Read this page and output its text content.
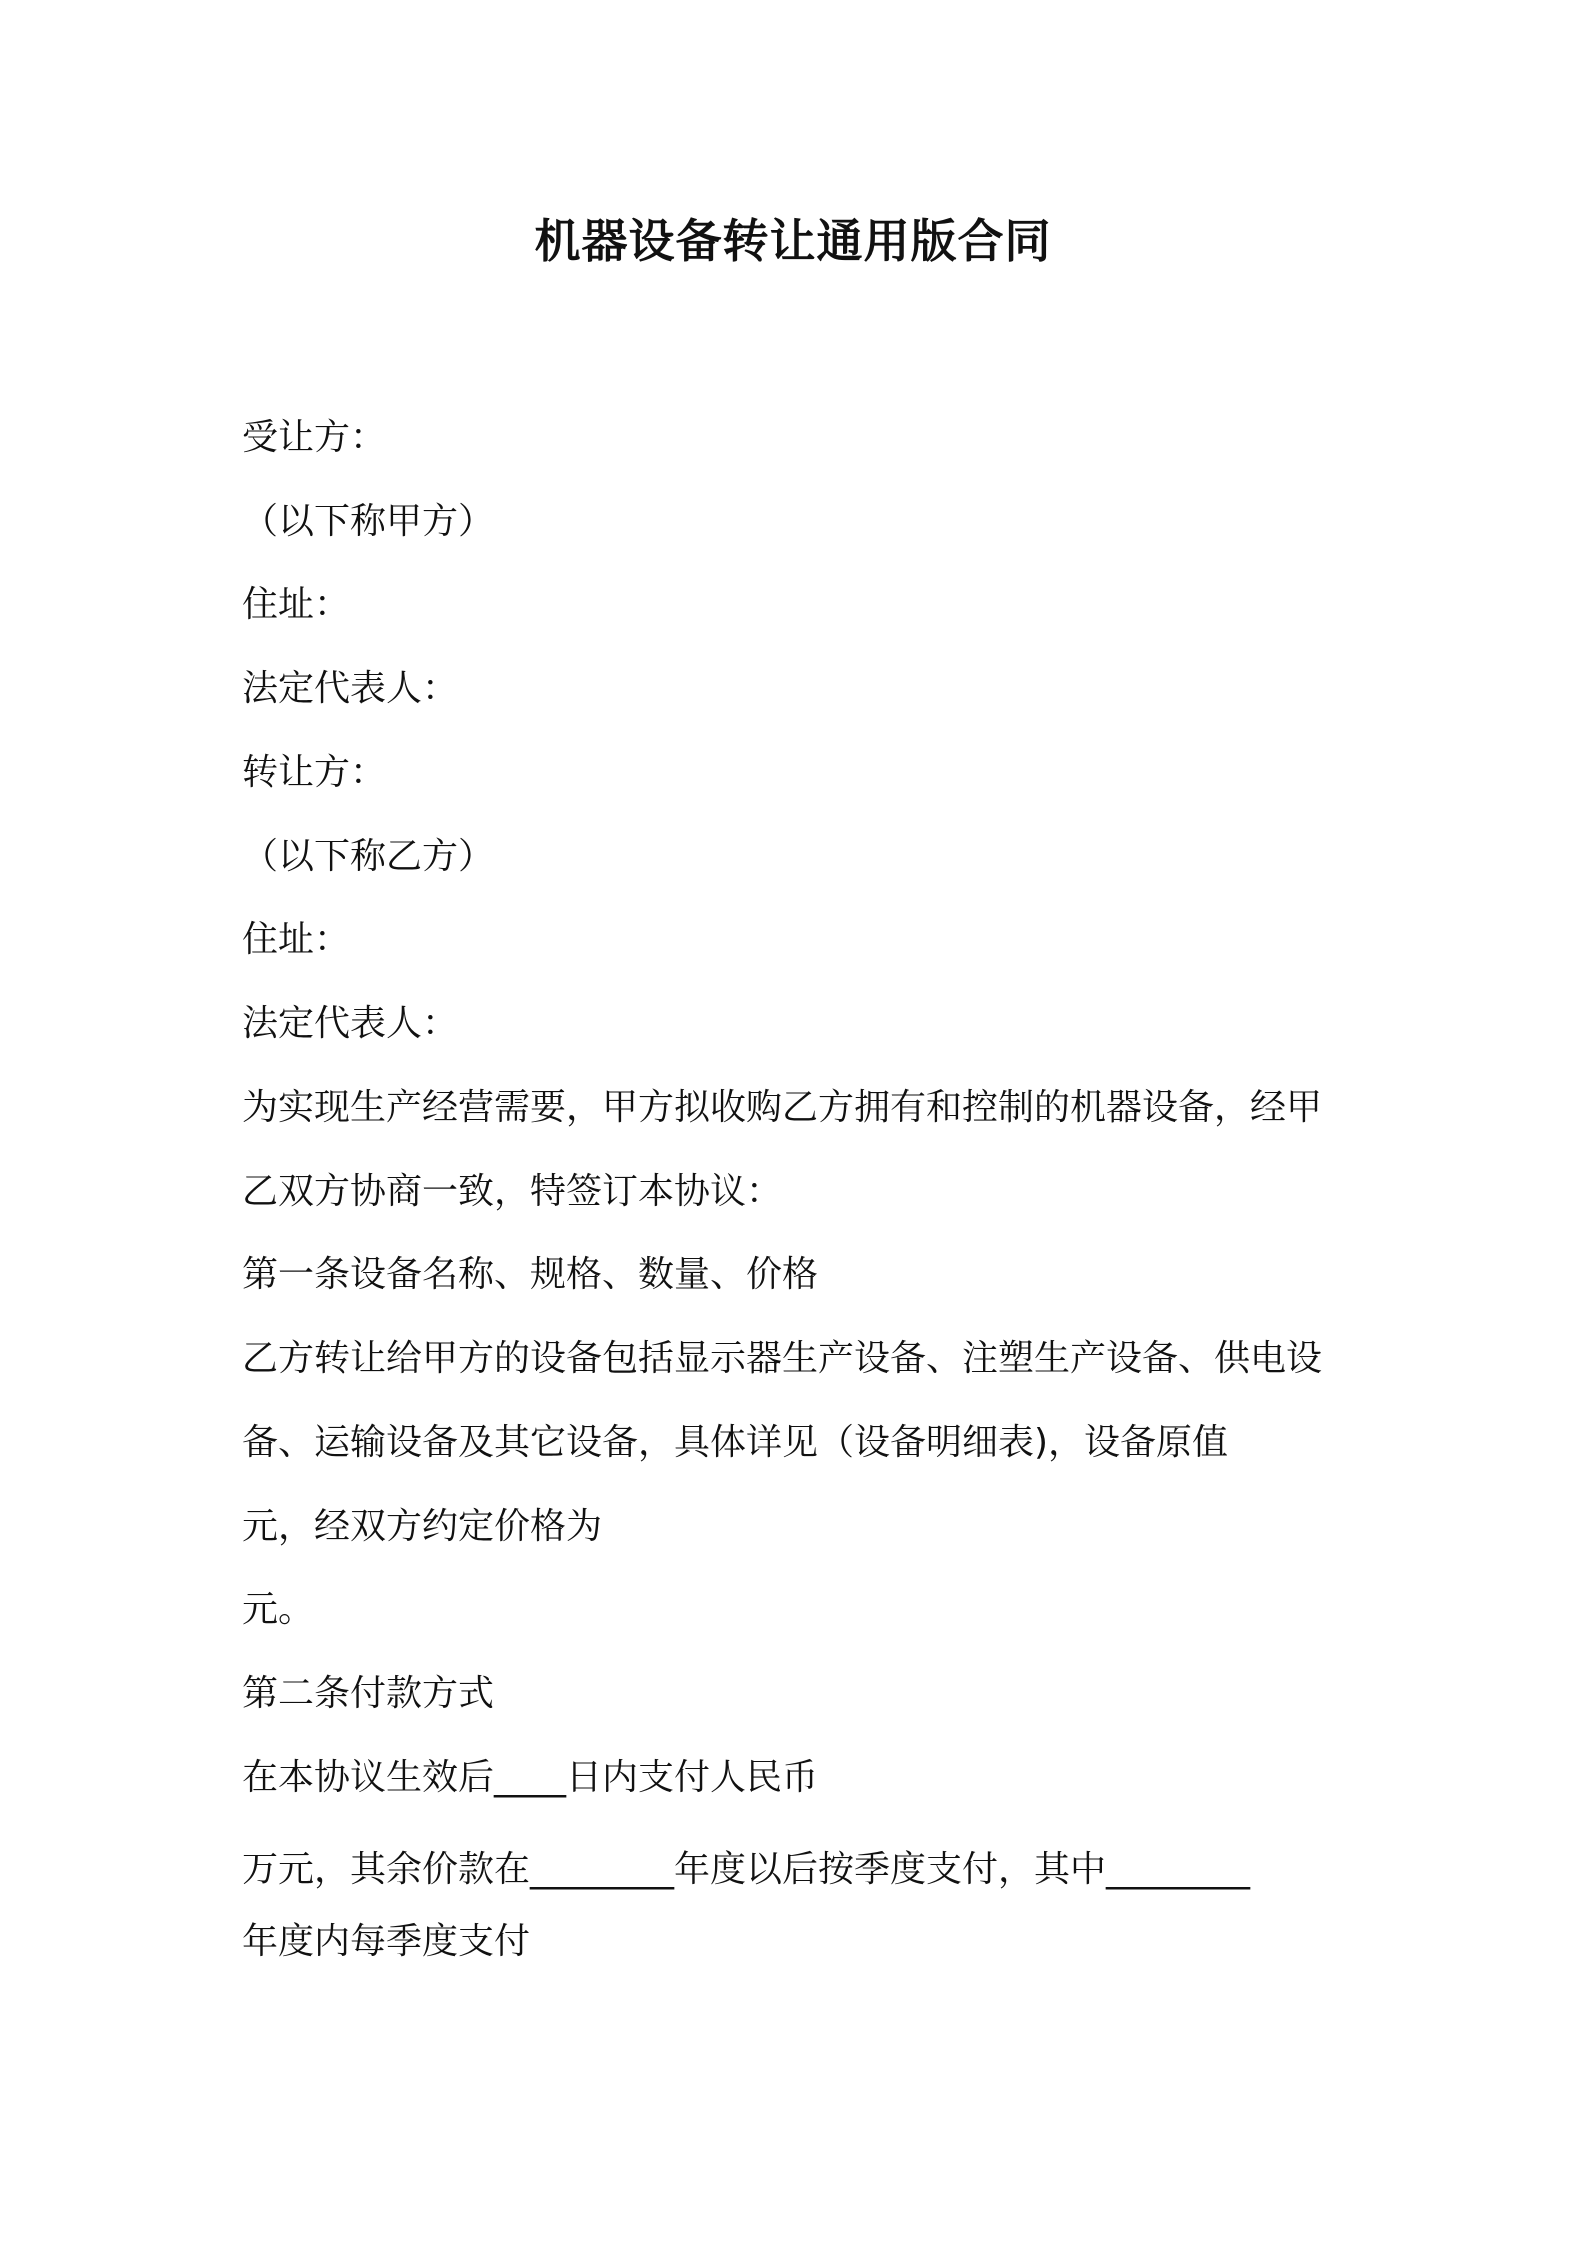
机器设备转让通用版合同

受让方：

（以下称甲方）

住址：

法定代表人：

转让方：

（以下称乙方）

住址：

法定代表人：

为实现生产经营需要，甲方拟收购乙方拥有和控制的机器设备，经甲

乙双方协商一致，特签订本协议：

第一条设备名称、规格、数量、价格

乙方转让给甲方的设备包括显示器生产设备、注塑生产设备、供电设

备、运输设备及其它设备，具体详见（设备明细表)，设备原值

元，经双方约定价格为

元。

第二条付款方式

在本协议生效后____日内支付人民币

万元，其余价款在________年度以后按季度支付，其中________

年度内每季度支付
